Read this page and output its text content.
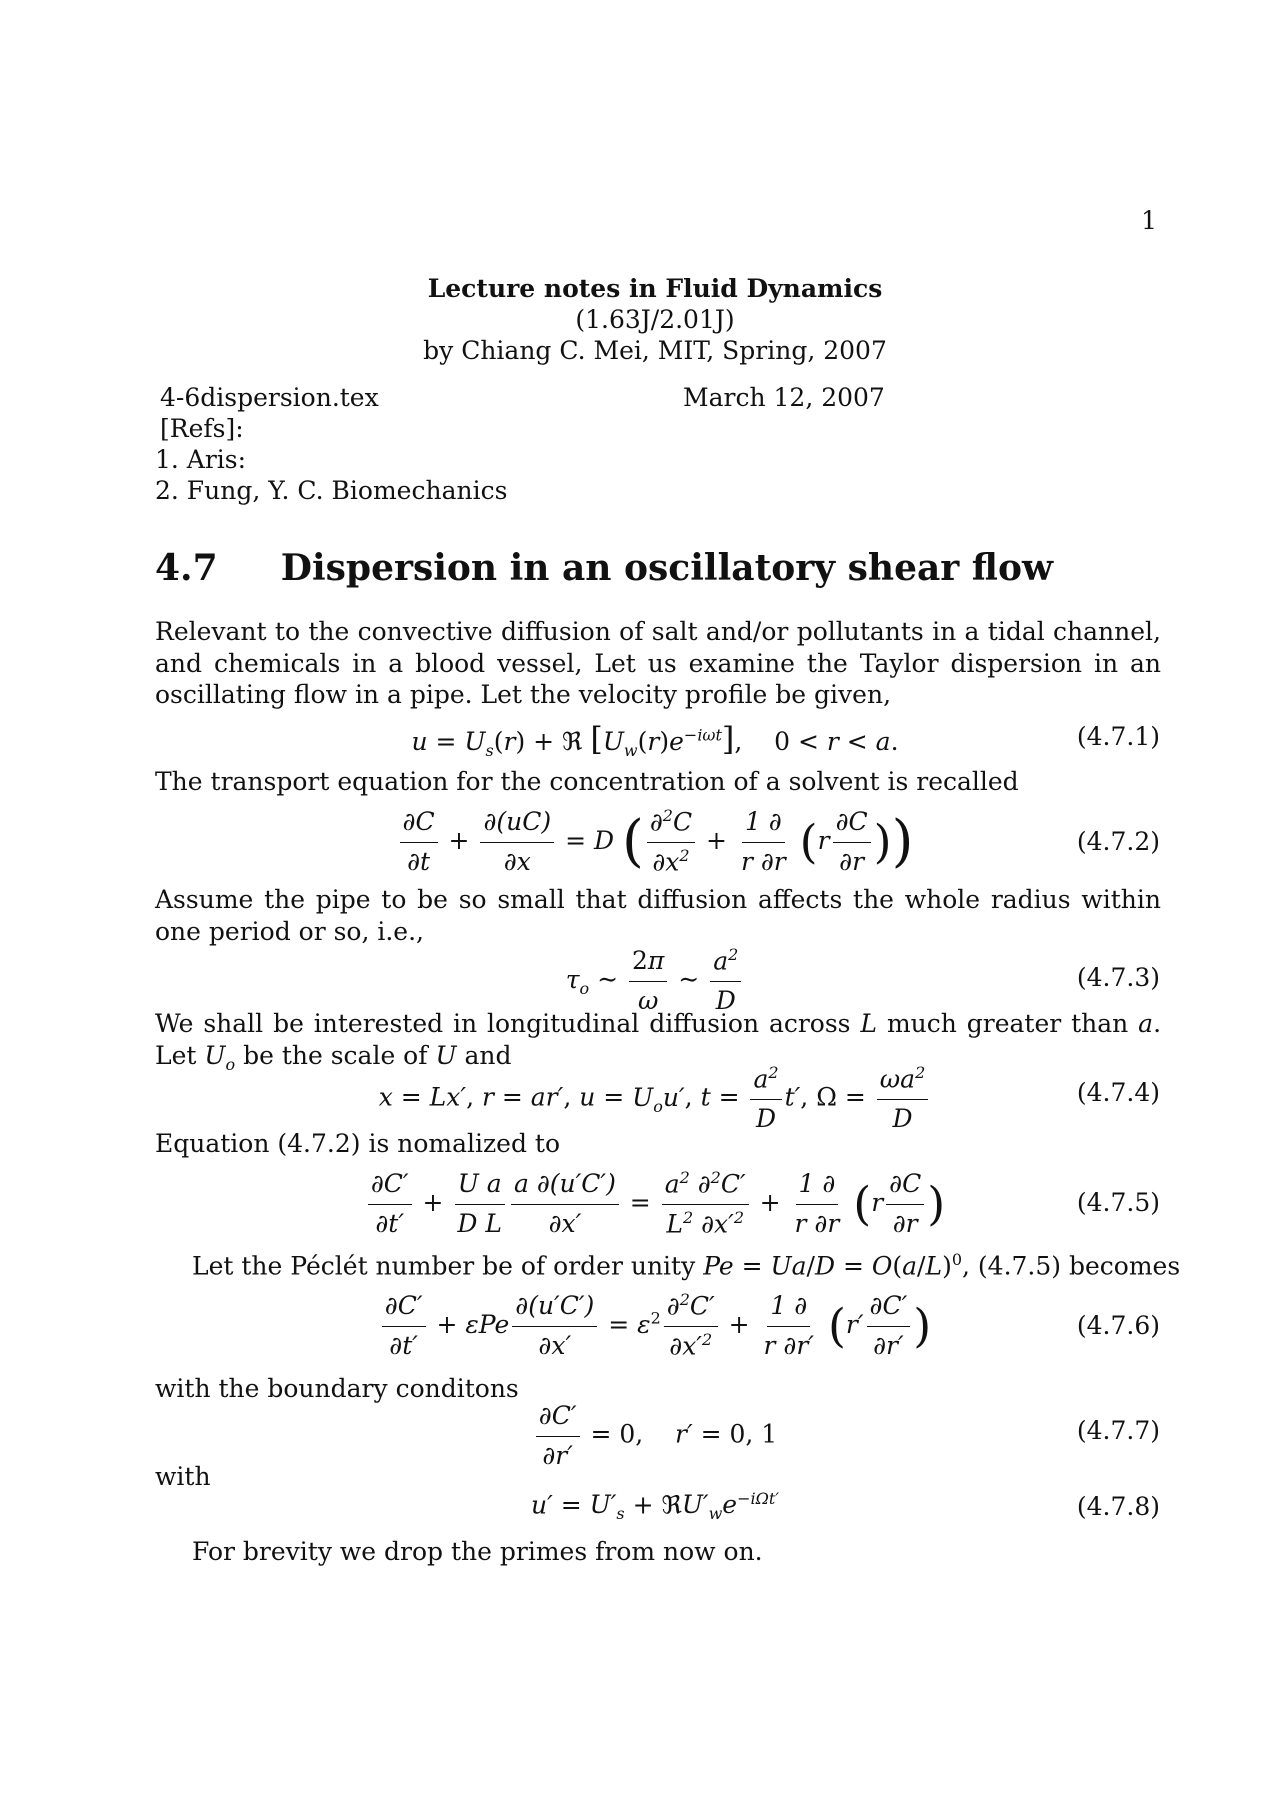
1
Lecture notes in Fluid Dynamics
(1.63J/2.01J)
by Chiang C. Mei, MIT, Spring, 2007
4-6dispersion.tex	March 12, 2007
[Refs]:
1. Aris:
2. Fung, Y. C. Biomechanics
4.7 Dispersion in an oscillatory shear flow
Relevant to the convective diffusion of salt and/or pollutants in a tidal channel, and chemicals in a blood vessel, Let us examine the Taylor dispersion in an oscillating flow in a pipe. Let the velocity profile be given,
$u = U_s(r)$ + ℜ $[U_w(r)e^{-i\omega t}]$,    0 < r < a.	(4.7.1)
The transport equation for the concentration of a solvent is recalled
$\frac{\partial C}{\partial t} + \frac{\partial(uC)}{\partial x} = D$ ( $\frac{\partial^2C}{\partial x^2} + \frac{1 \partial}{r \partial r} (r \frac{\partial C}{\partial r}$ ))	(4.7.2)
Assume the pipe to be so small that diffusion affects the whole radius within one period or so, i.e.,
$\tau_o$ ∼ $\frac{2\pi}{\omega}$ ∼ $\frac{a^2}{D}$	(4.7.3)
We shall be interested in longitudinal diffusion across L much greater than a. Let $U_o$ be the scale of U and
x = Lx′, r = ar′, $u = U_ou'$, $t = \frac{a^2}{D} t'$, $\Omega = \frac{\omega a^2}{D}$	(4.7.4)
Equation (4.7.2) is nomalized to
$\frac{\partial C'}{\partial t'} + \frac{\text{U a}}{\text{D L}} \frac{a \partial(u'C')}{\partial x'} = \frac{a^2 \partial^2C'}{L^2 \partial x'^2} + \frac{1 \partial}{r \partial r} (r \frac{\partial C}{\partial r}$ )	(4.7.5)
Let the Péclét number be of order unity $Pe = Ua/D = O(a/L)^0$, (4.7.5) becomes
$\frac{\partial C'}{\partial t'} + \varepsilon Pe \frac{\partial(u'C')}{\partial x'} = \varepsilon^2 \frac{\partial^2C'}{\partial x'^2} + \frac{1 \partial}{r \partial r'} (r' \frac{\partial C'}{\partial r'}$ )	(4.7.6)
with the boundary conditons
$\frac{\partial C'}{\partial r'} = 0$,    r′ = 0, 1	(4.7.7)
with
$u' = U'_s$ + $ℜU'_we^{-i\Omega t'}$	(4.7.8)
For brevity we drop the primes from now on.
